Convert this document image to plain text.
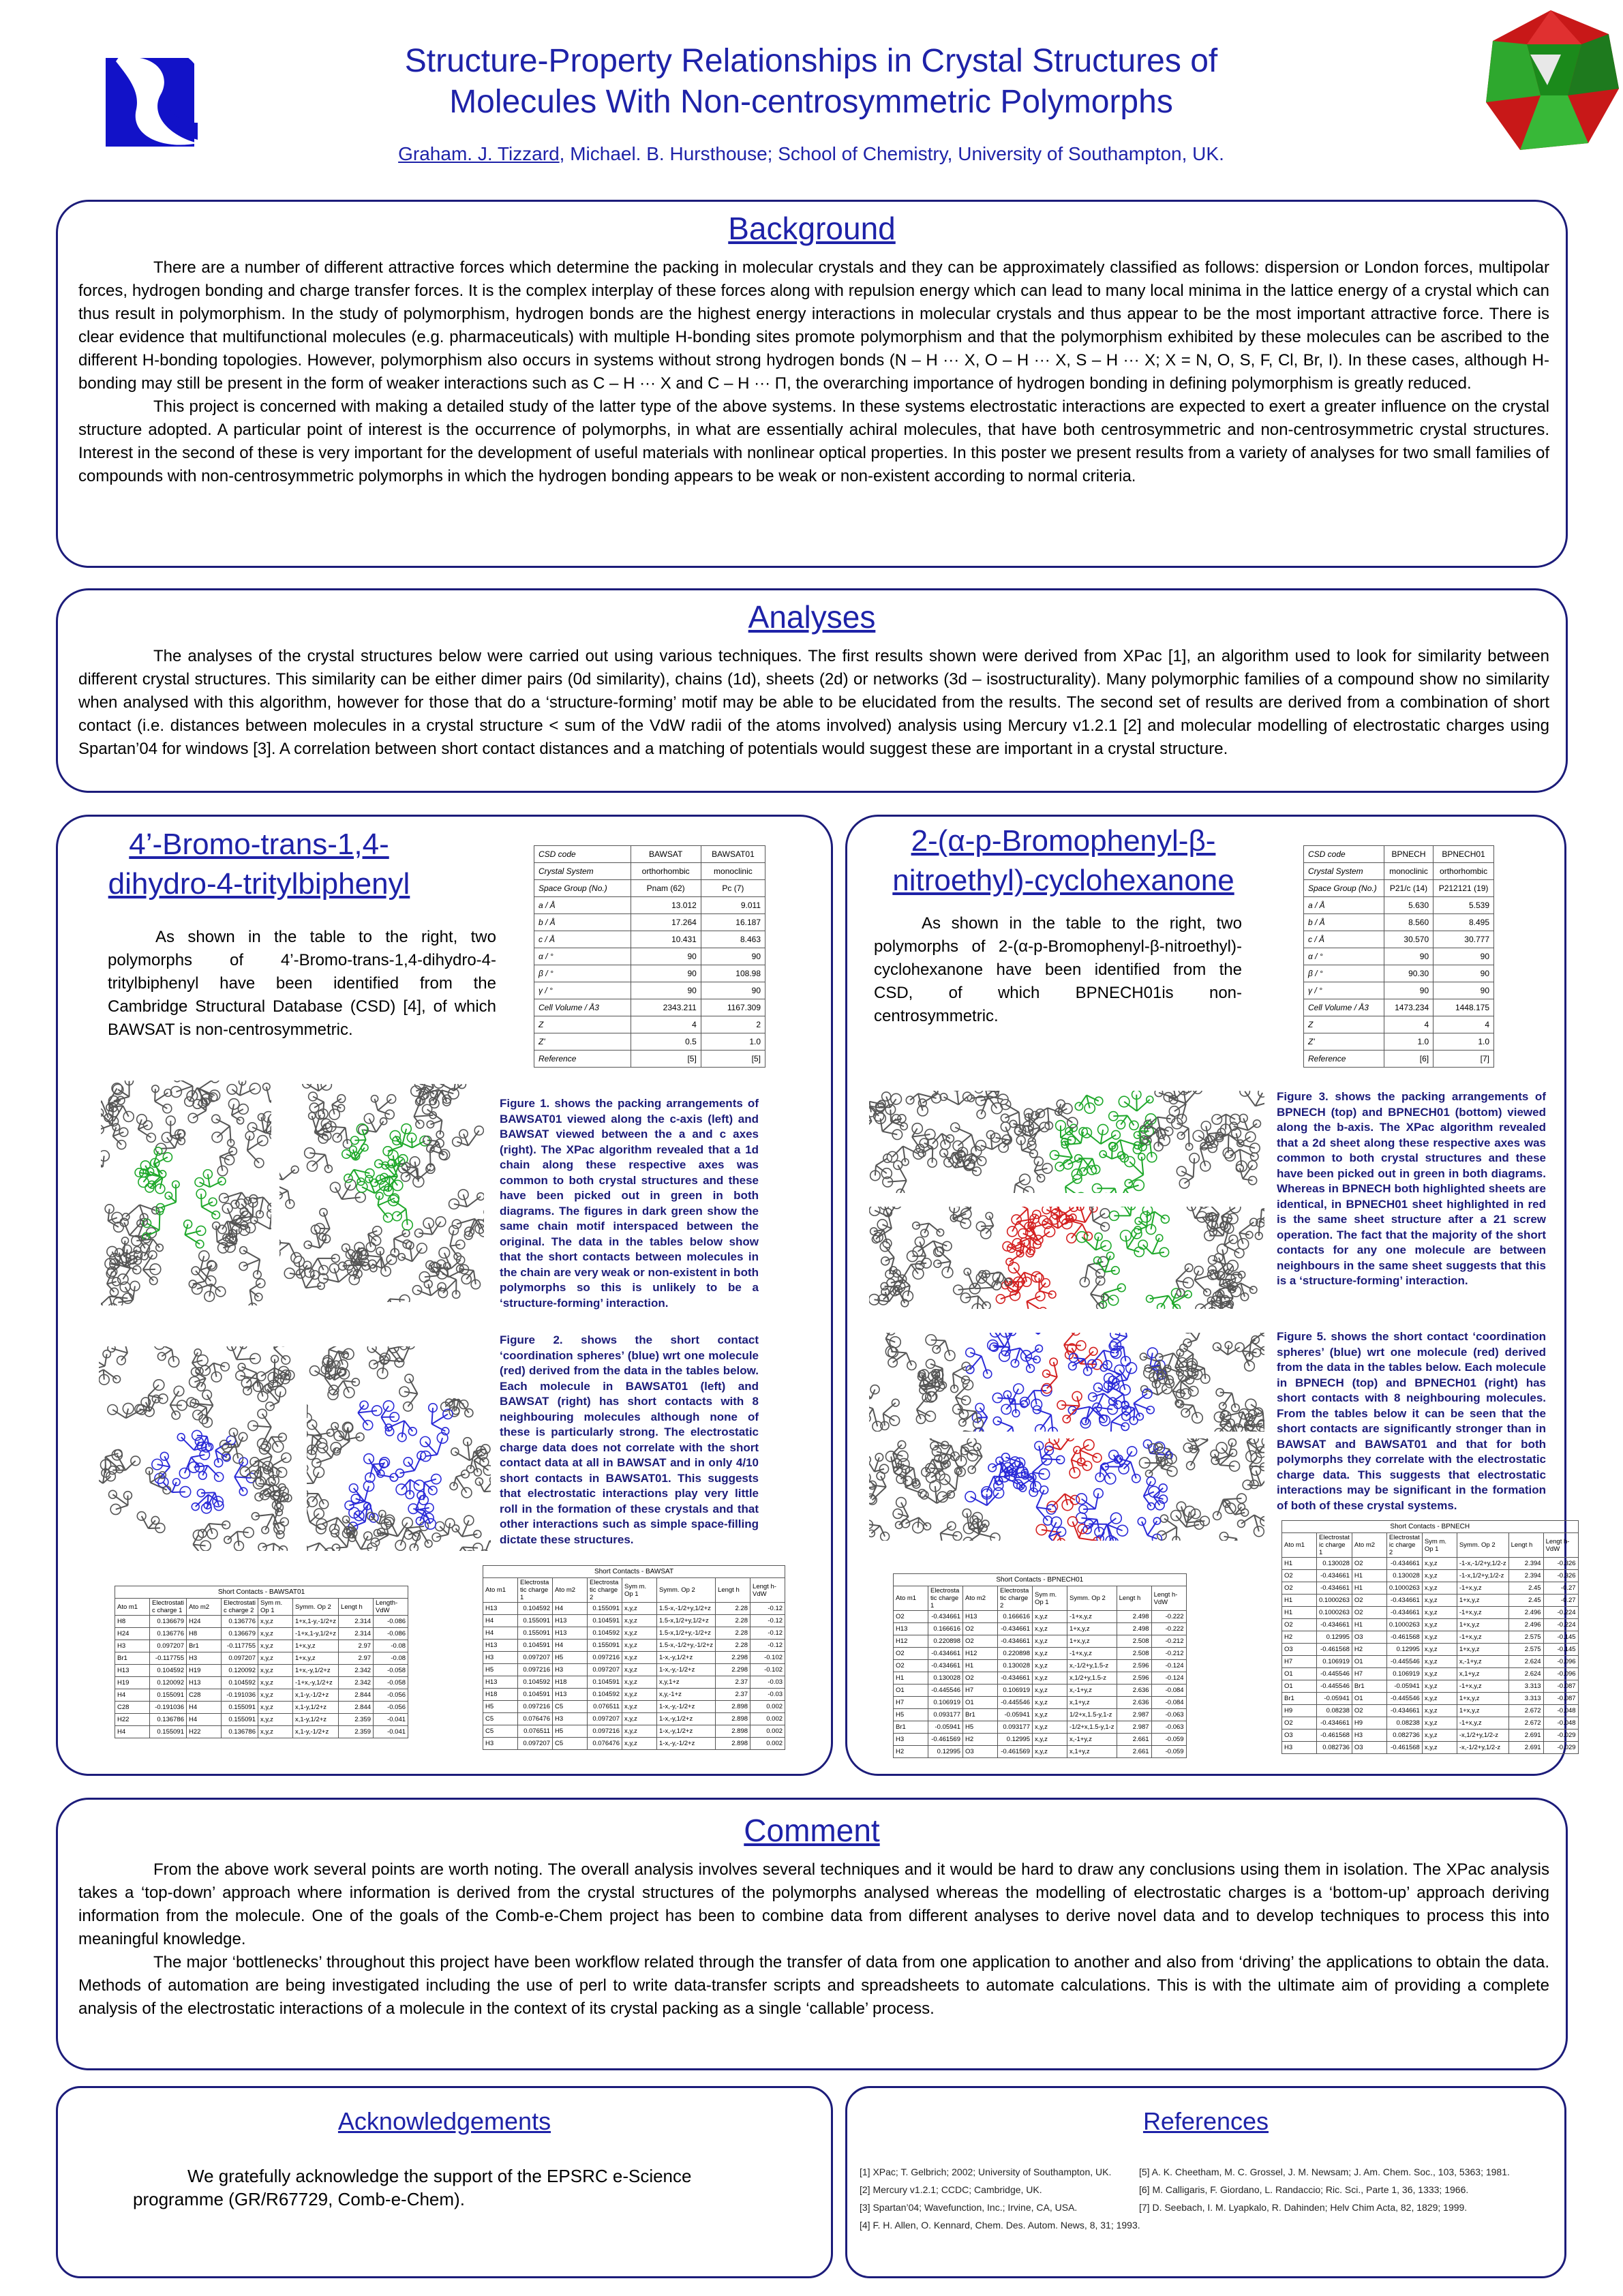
Structure-Property Relationships in Crystal Structures of
Molecules With Non-centrosymmetric Polymorphs
Graham. J. Tizzard, Michael. B. Hursthouse; School of Chemistry, University of Southampton, UK.
Background

There are a number of different attractive forces which determine the packing in molecular crystals and they can be approximately classified as follows: dispersion or London forces, multipolar forces, hydrogen bonding and charge transfer forces. It is the complex interplay of these forces along with repulsion energy which can lead to many local minima in the lattice energy of a crystal which can thus result in polymorphism. In the study of polymorphism, hydrogen bonds are the highest energy interactions in molecular crystals and thus appear to be the most important attractive force. There is clear evidence that multifunctional molecules (e.g. pharmaceuticals) with multiple H-bonding sites promote polymorphism and that the polymorphism exhibited by these molecules can be ascribed to the different H-bonding topologies. However, polymorphism also occurs in systems without strong hydrogen bonds (N – H ··· X, O – H ··· X, S – H ··· X; X = N, O, S, F, Cl, Br, I). In these cases, although H-bonding may still be present in the form of weaker interactions such as C – H ··· X and C – H ··· Π, the overarching importance of hydrogen bonding in defining polymorphism is greatly reduced.

This project is concerned with making a detailed study of the latter type of the above systems. In these systems electrostatic interactions are expected to exert a greater influence on the crystal structure adopted. A particular point of interest is the occurrence of polymorphs, in what are essentially achiral molecules, that have both centrosymmetric and non-centrosymmetric crystal structures. Interest in the second of these is very important for the development of useful materials with nonlinear optical properties. In this poster we present results from a variety of analyses for two small families of compounds with non-centrosymmetric polymorphs in which the hydrogen bonding appears to be weak or non-existent according to normal criteria.

Analyses

The analyses of the crystal structures below were carried out using various techniques. The first results shown were derived from XPac [1], an algorithm used to look for similarity between different crystal structures. This similarity can be either dimer pairs (0d similarity), chains (1d), sheets (2d) or networks (3d – isostructurality). Many polymorphic families of a compound show no similarity when analysed with this algorithm, however for those that do a ‘structure-forming’ motif may be able to be elucidated from the results. The second set of results are derived from a combination of short contact (i.e. distances between molecules in a crystal structure < sum of the VdW radii of the atoms involved) analysis using Mercury v1.2.1 [2] and molecular modelling of electrostatic charges using Spartan’04 for windows [3]. A correlation between short contact distances and a matching of potentials would suggest these are important in a crystal structure.

4’-Bromo-trans-1,4-
dihydro-4-tritylbiphenyl
As shown in the table to the right, two polymorphs of 4’-Bromo-trans-1,4-dihydro-4-tritylbiphenyl have been identified from the Cambridge Structural Database (CSD) [4], of which BAWSAT is non-centrosymmetric.
CSD code	BAWSAT	BAWSAT01
Crystal System	orthorhombic	monoclinic
Space Group (No.)	Pnam (62)	Pc (7)
a / Å	13.012	9.011
b / Å	17.264	16.187
c / Å	10.431	8.463
α / °	90	90
β / °	90	108.98
γ / °	90	90
Cell Volume / Å3	2343.211	1167.309
Z	4	2
Z'	0.5	1.0
Reference	[5]	[5]
Figure 1. shows the packing arrangements of BAWSAT01 viewed along the c-axis (left) and BAWSAT viewed between the a and c axes (right). The XPac algorithm revealed that a 1d chain along these respective axes was common to both crystal structures and these have been picked out in green in both diagrams. The figures in dark green show the same chain motif interspaced between the original. The data in the tables below show that the short contacts between molecules in the chain are very weak or non-existent in both polymorphs so this is unlikely to be a ‘structure-forming’ interaction.
Figure 2. shows the short contact ‘coordination spheres’ (blue) wrt one molecule (red) derived from the data in the tables below. Each molecule in BAWSAT01 (left) and BAWSAT (right) has short contacts with 8 neighbouring molecules although none of these is particularly strong. The electrostatic charge data does not correlate with the short contact data at all in BAWSAT and in only 4/10 short contacts in BAWSAT01. This suggests that electrostatic interactions play very little roll in the formation of these crystals and that other interactions such as simple space-filling dictate these structures.
Short Contacts - BAWSAT01							
Ato m1	Electrostati c charge 1	Ato m2	Electrostati c charge 2	Sym m. Op 1	Symm. Op 2	Lengt h	Length-VdW
H8	0.136679	H24	0.136776	x,y,z	1+x,1-y,-1/2+z	2.314	-0.086
H24	0.136776	H8	0.136679	x,y,z	-1+x,1-y,1/2+z	2.314	-0.086
H3	0.097207	Br1	-0.117755	x,y,z	1+x,y,z	2.97	-0.08
Br1	-0.117755	H3	0.097207	x,y,z	1+x,y,z	2.97	-0.08
H13	0.104592	H19	0.120092	x,y,z	1+x,-y,1/2+z	2.342	-0.058
H19	0.120092	H13	0.104592	x,y,z	-1+x,-y,1/2+z	2.342	-0.058
H4	0.155091	C28	-0.191036	x,y,z	x,1-y,-1/2+z	2.844	-0.056
C28	-0.191036	H4	0.155091	x,y,z	x,1-y,1/2+z	2.844	-0.056
H22	0.136786	H4	0.155091	x,y,z	x,1-y,1/2+z	2.359	-0.041
H4	0.155091	H22	0.136786	x,y,z	x,1-y,-1/2+z	2.359	-0.041
Short Contacts - BAWSAT							
Ato m1	Electrosta tic charge 1	Ato m2	Electrosta tic charge 2	Sym m. Op 1	Symm. Op 2	Lengt h	Lengt h-VdW
H13	0.104592	H4	0.155091	x,y,z	1.5-x,-1/2+y,1/2+z	2.28	-0.12
H4	0.155091	H13	0.104591	x,y,z	1.5-x,1/2+y,1/2+z	2.28	-0.12
H4	0.155091	H13	0.104592	x,y,z	1.5-x,1/2+y,-1/2+z	2.28	-0.12
H13	0.104591	H4	0.155091	x,y,z	1.5-x,-1/2+y,-1/2+z	2.28	-0.12
H3	0.097207	H5	0.097216	x,y,z	1-x,-y,1/2+z	2.298	-0.102
H5	0.097216	H3	0.097207	x,y,z	1-x,-y,-1/2+z	2.298	-0.102
H13	0.104592	H18	0.104591	x,y,z	x,y,1+z	2.37	-0.03
H18	0.104591	H13	0.104592	x,y,z	x,y,-1+z	2.37	-0.03
H5	0.097216	C5	0.076511	x,y,z	1-x,-y,-1/2+z	2.898	0.002
C5	0.076476	H3	0.097207	x,y,z	1-x,-y,1/2+z	2.898	0.002
C5	0.076511	H5	0.097216	x,y,z	1-x,-y,1/2+z	2.898	0.002
H3	0.097207	C5	0.076476	x,y,z	1-x,-y,-1/2+z	2.898	0.002
2-(α-p-Bromophenyl-β-
nitroethyl)-cyclohexanone
As shown in the table to the right, two polymorphs of 2-(α-p-Bromophenyl-β-nitroethyl)-cyclohexanone have been identified from the CSD, of which BPNECH01is non-centrosymmetric.
CSD code	BPNECH	BPNECH01
Crystal System	monoclinic	orthorhombic
Space Group (No.)	P21/c (14)	P212121 (19)
a / Å	5.630	5.539
b / Å	8.560	8.495
c / Å	30.570	30.777
α / °	90	90
β / °	90.30	90
γ / °	90	90
Cell Volume / Å3	1473.234	1448.175
Z	4	4
Z'	1.0	1.0
Reference	[6]	[7]
Figure 3. shows the packing arrangements of BPNECH (top) and BPNECH01 (bottom) viewed along the b-axis. The XPac algorithm revealed that a 2d sheet along these respective axes was common to both crystal structures and these have been picked out in green in both diagrams. Whereas in BPNECH both highlighted sheets are identical, in BPNECH01 sheet highlighted in red is the same sheet structure after a 21 screw operation. The fact that the majority of the short contacts for any one molecule are between neighbours in the same sheet suggests that this is a ‘structure-forming’ interaction.
Figure 5. shows the short contact ‘coordination spheres’ (blue) wrt one molecule (red) derived from the data in the tables below. Each molecule in BPNECH (top) and BPNECH01 (right) has short contacts with 8 neighbouring molecules. From the tables below it can be seen that the short contacts are significantly stronger than in BAWSAT and BAWSAT01 and that for both polymorphs they correlate with the electrostatic charge data. This suggests that electrostatic interactions may be significant in the formation of both of these crystal systems.
Short Contacts - BPNECH01							
Ato m1	Electrosta tic charge 1	Ato m2	Electrosta tic charge 2	Sym m. Op 1	Symm. Op 2	Lengt h	Lengt h-VdW
O2	-0.434661	H13	0.166616	x,y,z	-1+x,y,z	2.498	-0.222
H13	0.166616	O2	-0.434661	x,y,z	1+x,y,z	2.498	-0.222
H12	0.220898	O2	-0.434661	x,y,z	1+x,y,z	2.508	-0.212
O2	-0.434661	H12	0.220898	x,y,z	-1+x,y,z	2.508	-0.212
O2	-0.434661	H1	0.130028	x,y,z	x,-1/2+y,1.5-z	2.596	-0.124
H1	0.130028	O2	-0.434661	x,y,z	x,1/2+y,1.5-z	2.596	-0.124
O1	-0.445546	H7	0.106919	x,y,z	x,-1+y,z	2.636	-0.084
H7	0.106919	O1	-0.445546	x,y,z	x,1+y,z	2.636	-0.084
H5	0.093177	Br1	-0.05941	x,y,z	1/2+x,1.5-y,1-z	2.987	-0.063
Br1	-0.05941	H5	0.093177	x,y,z	-1/2+x,1.5-y,1-z	2.987	-0.063
H3	-0.461569	H2	0.12995	x,y,z	x,-1+y,z	2.661	-0.059
H2	0.12995	O3	-0.461569	x,y,z	x,1+y,z	2.661	-0.059
Short Contacts - BPNECH							
Ato m1	Electrostat ic charge 1	Ato m2	Electrostat ic charge 2	Sym m. Op 1	Symm. Op 2	Lengt h	Lengt h-VdW
H1	0.130028	O2	-0.434661	x,y,z	-1-x,-1/2+y,1/2-z	2.394	-0.326
O2	-0.434661	H1	0.130028	x,y,z	-1-x,1/2+y,1/2-z	2.394	-0.326
O2	-0.434661	H1	0.1000263	x,y,z	-1+x,y,z	2.45	-0.27
H1	0.1000263	O2	-0.434661	x,y,z	1+x,y,z	2.45	-0.27
H1	0.1000263	O2	-0.434661	x,y,z	-1+x,y,z	2.496	-0.224
O2	-0.434661	H1	0.1000263	x,y,z	1+x,y,z	2.496	-0.224
H2	0.12995	O3	-0.461568	x,y,z	-1+x,y,z	2.575	-0.145
O3	-0.461568	H2	0.12995	x,y,z	1+x,y,z	2.575	-0.145
H7	0.106919	O1	-0.445546	x,y,z	x,-1+y,z	2.624	-0.096
O1	-0.445546	H7	0.106919	x,y,z	x,1+y,z	2.624	-0.096
O1	-0.445546	Br1	-0.05941	x,y,z	-1+x,y,z	3.313	-0.087
Br1	-0.05941	O1	-0.445546	x,y,z	1+x,y,z	3.313	-0.087
H9	0.08238	O2	-0.434661	x,y,z	1+x,y,z	2.672	-0.048
O2	-0.434661	H9	0.08238	x,y,z	-1+x,y,z	2.672	-0.048
O3	-0.461568	H3	0.082736	x,y,z	-x,1/2+y,1/2-z	2.691	-0.029
H3	0.082736	O3	-0.461568	x,y,z	-x,-1/2+y,1/2-z	2.691	-0.029
Comment

From the above work several points are worth noting. The overall analysis involves several techniques and it would be hard to draw any conclusions using them in isolation. The XPac analysis takes a ‘top-down’ approach where information is derived from the crystal structures of the polymorphs analysed whereas the modelling of electrostatic charges is a ‘bottom-up’ approach deriving information from the molecule. One of the goals of the Comb-e-Chem project has been to combine data from different analyses to derive novel data and to develop techniques to process this into meaningful knowledge.

The major ‘bottlenecks’ throughout this project have been workflow related through the transfer of data from one application to another and also from ‘driving’ the applications to obtain the data. Methods of automation are being investigated including the use of perl to write data-transfer scripts and spreadsheets to automate calculations. This is with the ultimate aim of providing a complete analysis of the electrostatic interactions of a molecule in the context of its crystal packing as a single ‘callable’ process.

Acknowledgements
We gratefully acknowledge the support of the EPSRC e-Science programme (GR/R67729, Comb-e-Chem).
References
[1] XPac; T. Gelbrich; 2002; University of Southampton, UK.
[2] Mercury v1.2.1; CCDC; Cambridge, UK.
[3] Spartan’04; Wavefunction, Inc.; Irvine, CA, USA.
[4] F. H. Allen, O. Kennard, Chem. Des. Autom. News, 8, 31; 1993.
[5] A. K. Cheetham, M. C. Grossel, J. M. Newsam; J. Am. Chem. Soc., 103, 5363; 1981.
[6] M. Calligaris, F. Giordano, L. Randaccio; Ric. Sci., Parte 1, 36, 1333; 1966.
[7] D. Seebach, I. M. Lyapkalo, R. Dahinden; Helv Chim Acta, 82, 1829; 1999.
